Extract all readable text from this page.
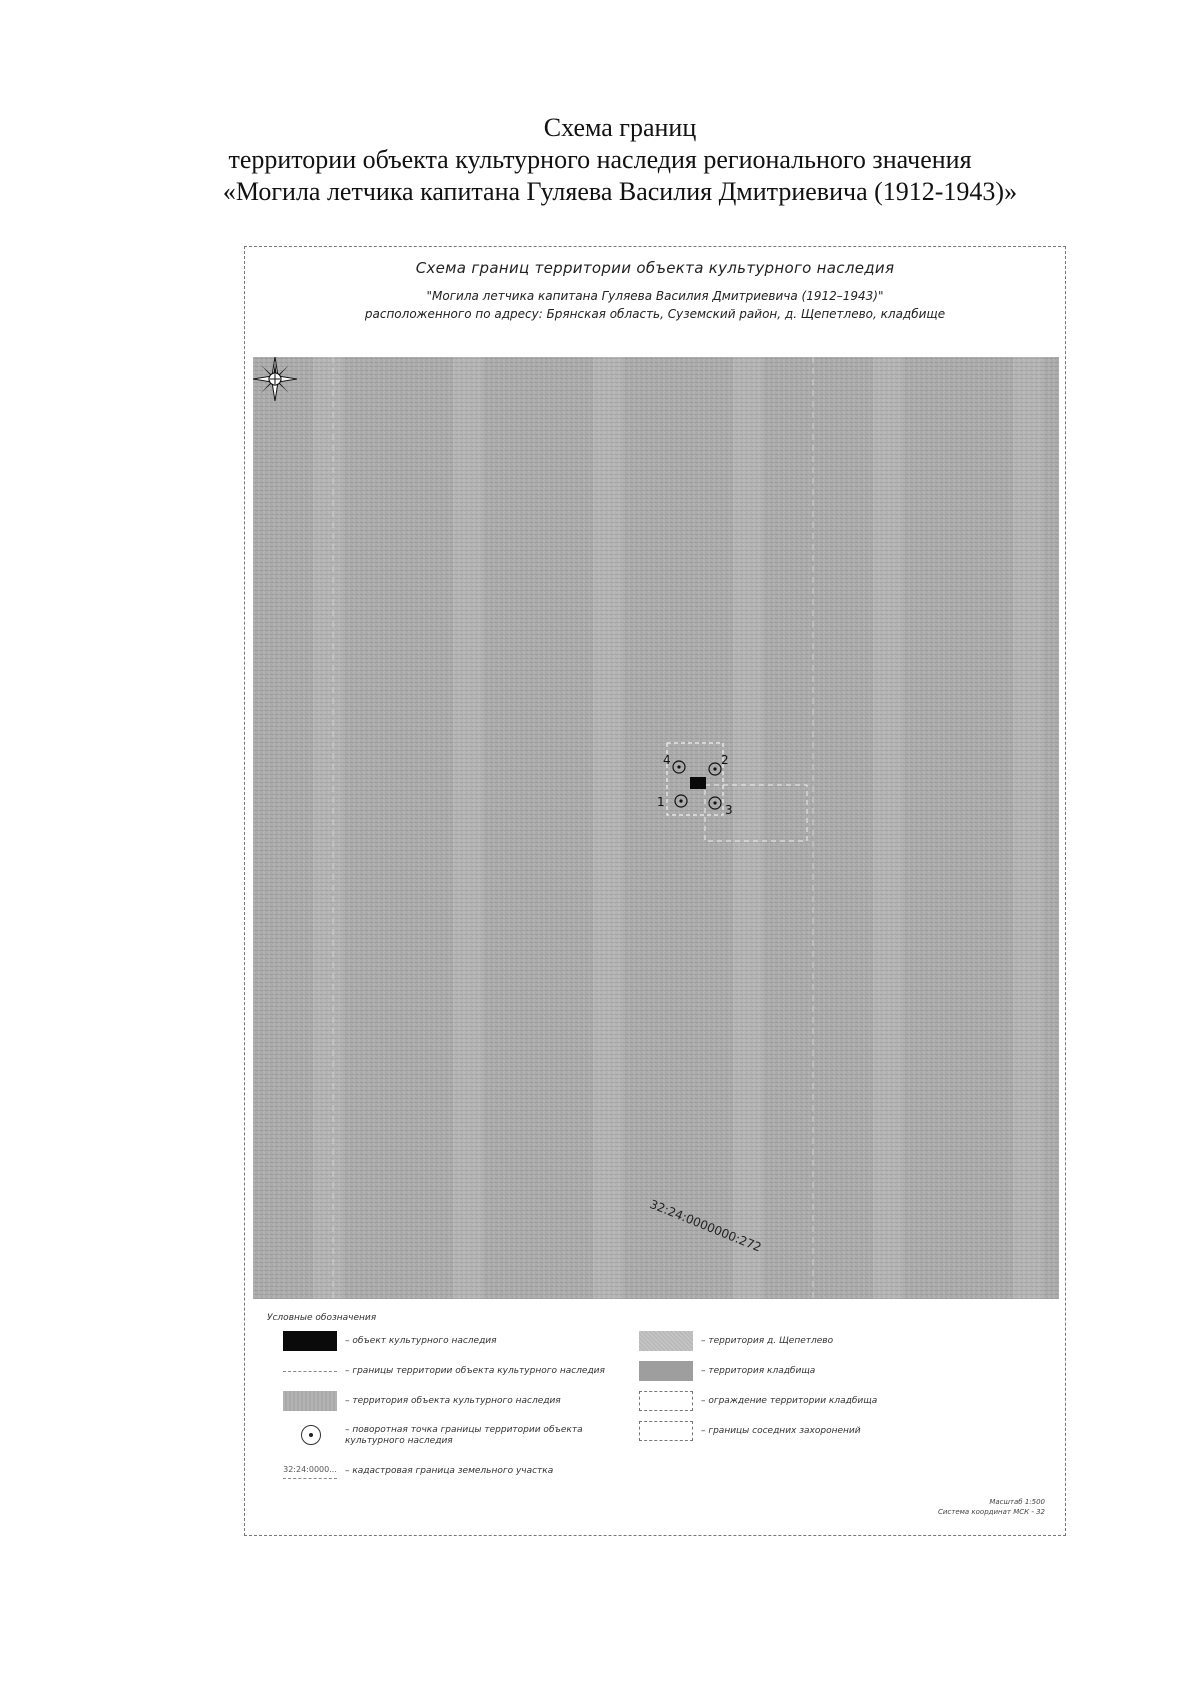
Схема границ
территории объекта культурного наследия регионального значения
«Могила летчика капитана Гуляева Василия Дмитриевича (1912-1943)»
Схема границ территории объекта культурного наследия
"Могила летчика капитана Гуляева Василия Дмитриевича (1912–1943)"
расположенного по адресу: Брянская область, Суземский район, д. Щепетлево, кладбище
1
2
3
4
32:24:0000000:272
Условные обозначения
– объект культурного наследия
– границы территории объекта культурного наследия
– территория объекта культурного наследия
– поворотная точка границы территории объекта культурного наследия
32:24:0000... – кадастровая граница земельного участка
– территория д. Щепетлево
– территория кладбища
– ограждение территории кладбища
– границы соседних захоронений
Масштаб 1:500
Система координат МСК - 32
